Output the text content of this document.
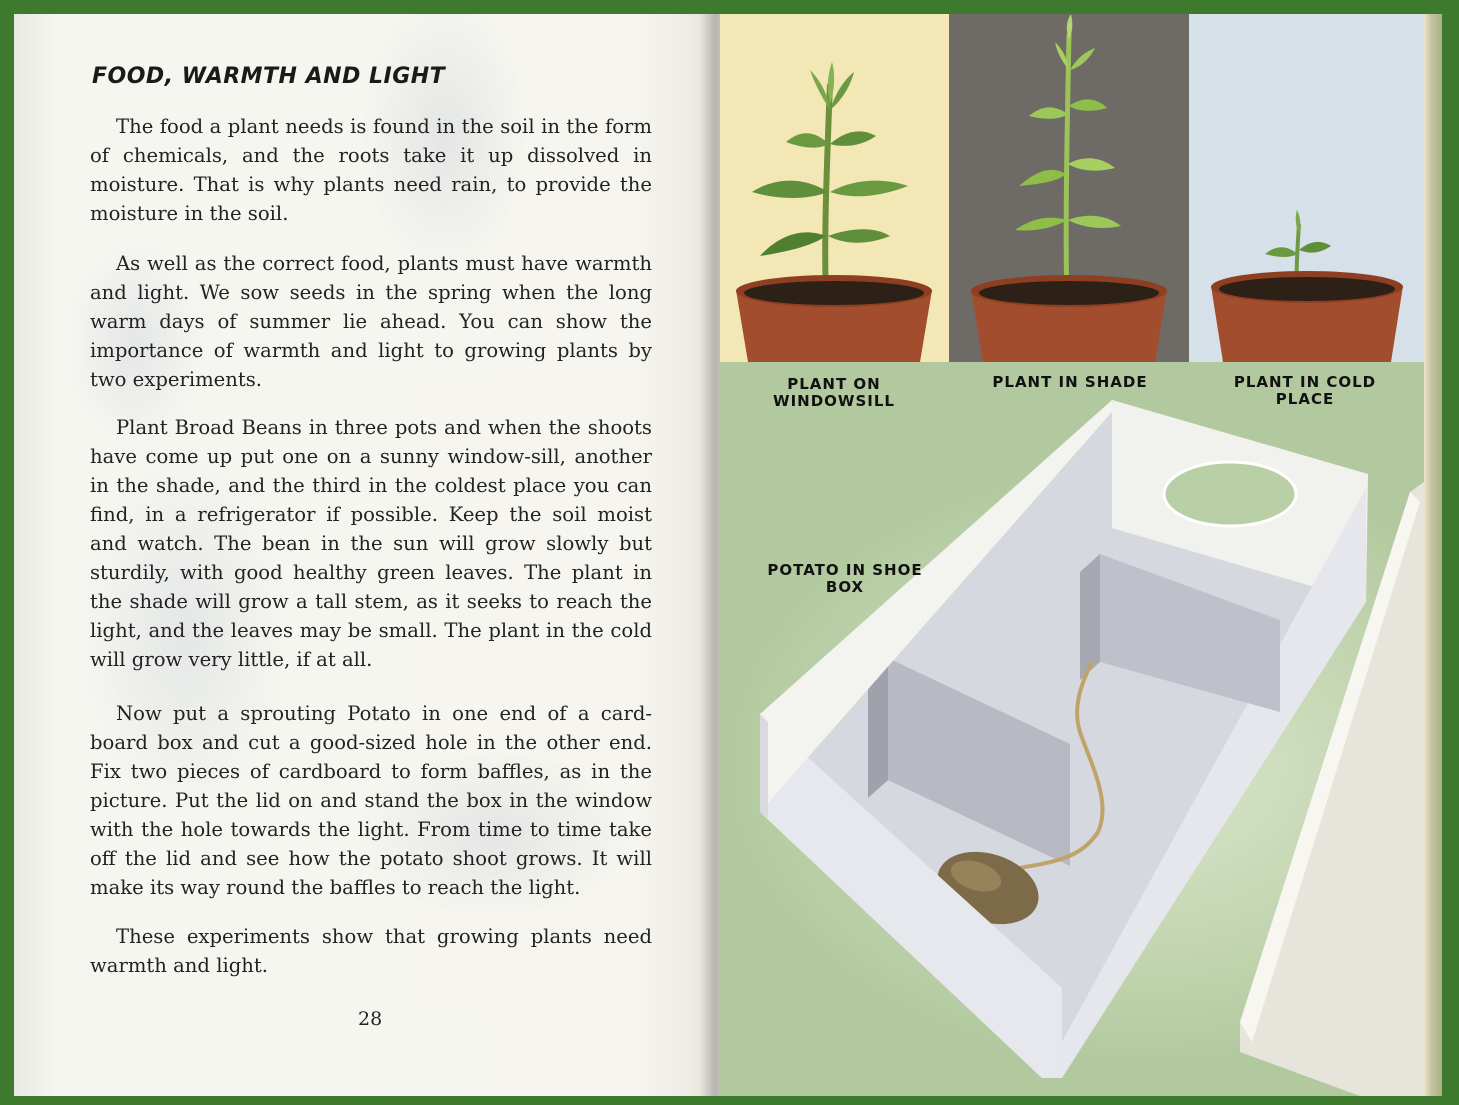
FOOD, WARMTH AND LIGHT

The food a plant needs is found in the soil in the form of chemicals, and the roots take it up dissolved in moisture. That is why plants need rain, to provide the moisture in the soil.

As well as the correct food, plants must have warmth and light. We sow seeds in the spring when the long warm days of summer lie ahead. You can show the importance of warmth and light to growing plants by two experiments.

Plant Broad Beans in three pots and when the shoots have come up put one on a sunny window-sill, another in the shade, and the third in the coldest place you can find, in a refrigerator if possible. Keep the soil moist and watch. The bean in the sun will grow slowly but sturdily, with good healthy green leaves. The plant in the shade will grow a tall stem, as it seeks to reach the light, and the leaves may be small. The plant in the cold will grow very little, if at all.

Now put a sprouting Potato in one end of a card-board box and cut a good-sized hole in the other end. Fix two pieces of cardboard to form baffles, as in the picture. Put the lid on and stand the box in the window with the hole towards the light. From time to time take off the lid and see how the potato shoot grows. It will make its way round the baffles to reach the light.

These experiments show that growing plants need warmth and light.

28

PLANT ON WINDOWSILL

PLANT IN SHADE	PLANT IN COLD PLACE

POTATO IN SHOE BOX
